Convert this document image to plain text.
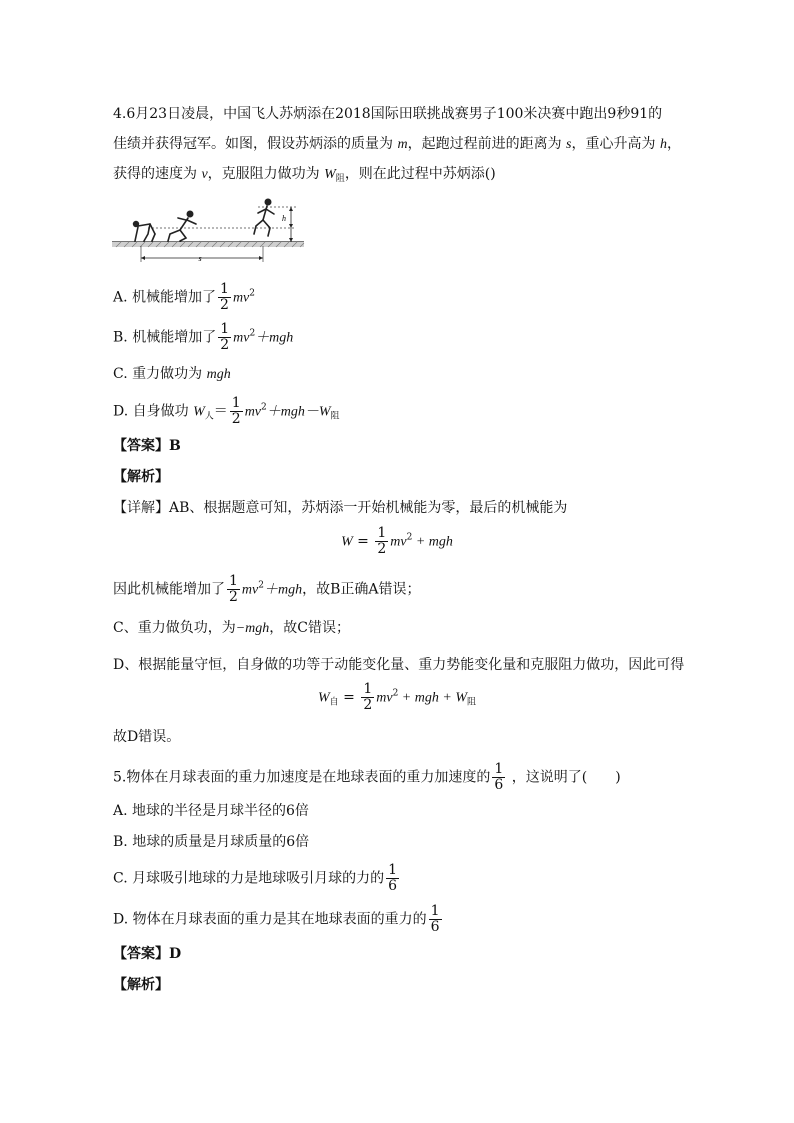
4.6月23日凌晨，中国飞人苏炳添在2018国际田联挑战赛男子100米决赛中跑出9秒91的
佳绩并获得冠军。如图，假设苏炳添的质量为 m，起跑过程前进的距离为 s，重心升高为 h，
获得的速度为 v，克服阻力做功为 $W_阻$，则在此过程中苏炳添()
h
s
A. 机械能增加了 $\frac{1}{2} mv^2$
B. 机械能增加了 $\frac{1}{2} mv^2+mgh$
C. 重力做功为 mgh
D. 自身做功 $W_人= \frac{1}{2} mv^2+mgh-W_阻$
【答案】B
【解析】
【详解】AB、根据题意可知，苏炳添一开始机械能为零，最后的机械能为
$W = \frac{1}{2} mv^2$ + mgh
因此机械能增加了 $\frac{1}{2} mv^2+mgh$，故B正确A错误；
C、重力做负功，为−mgh，故C错误；
D、根据能量守恒，自身做的功等于动能变化量、重力势能变化量和克服阻力做功，因此可得
$W_自 = \frac{1}{2} mv^2$ + mgh + $W_阻$
故D错误。
5.物体在月球表面的重力加速度是在地球表面的重力加速度的 $\frac{1}{6}$ ，这说明了(　　)
A. 地球的半径是月球半径的6倍
B. 地球的质量是月球质量的6倍
C. 月球吸引地球的力是地球吸引月球的力的 $\frac{1}{6}$
D. 物体在月球表面的重力是其在地球表面的重力的 $\frac{1}{6}$
【答案】D
【解析】
